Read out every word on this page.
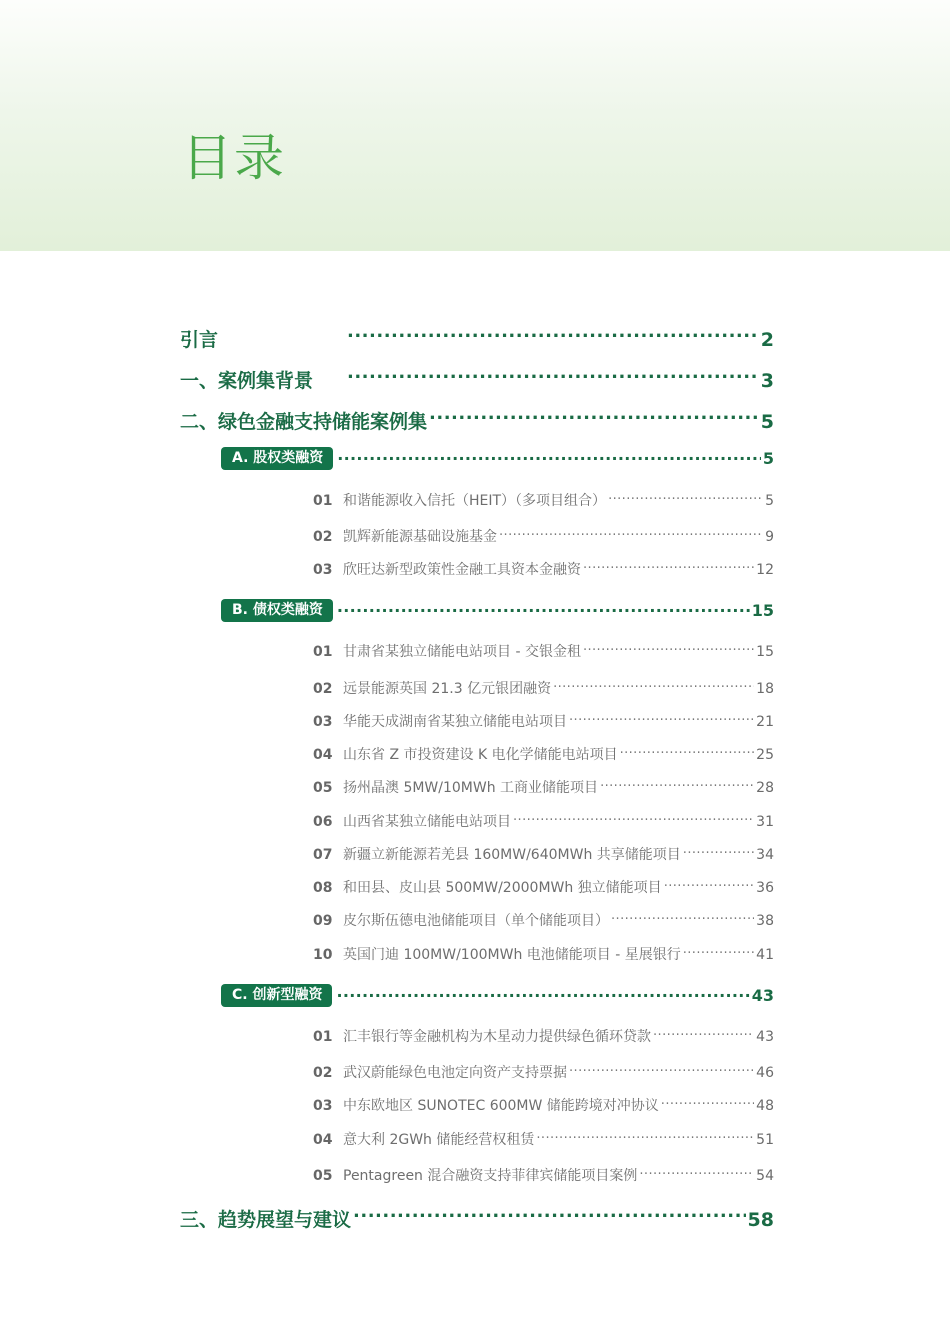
目录
引言 .....	2
一、案例集背景 .....	3
二、绿色金融支持储能案例集 .....	5
A. 股权类融资 .....	5
01 和谐能源收入信托（HEIT）（多项目组合） .....	5
02 凯辉新能源基础设施基金 .....	9
03 欣旺达新型政策性金融工具资本金融资 .....	12
B. 债权类融资 .....	15
01 甘肃省某独立储能电站项目 - 交银金租 .....	15
02 远景能源英国 21.3 亿元银团融资 .....	18
03 华能天成湖南省某独立储能电站项目 .....	21
04 山东省 Z 市投资建设 K 电化学储能电站项目 .....	25
05 扬州晶澳 5MW/10MWh 工商业储能项目 .....	28
06 山西省某独立储能电站项目 .....	31
07 新疆立新能源若羌县 160MW/640MWh 共享储能项目 .....	34
08 和田县、皮山县 500MW/2000MWh 独立储能项目 .....	36
09 皮尔斯伍德电池储能项目（单个储能项目） .....	38
10 英国门迪 100MW/100MWh 电池储能项目 - 星展银行 .....	41
C. 创新型融资 .....	43
01 汇丰银行等金融机构为木星动力提供绿色循环贷款 .....	43
02 武汉蔚能绿色电池定向资产支持票据 .....	46
03 中东欧地区 SUNOTEC 600MW 储能跨境对冲协议 .....	48
04 意大利 2GWh 储能经营权租赁 .....	51
05 Pentagreen 混合融资支持菲律宾储能项目案例 .....	54
三、趋势展望与建议 .....	58
